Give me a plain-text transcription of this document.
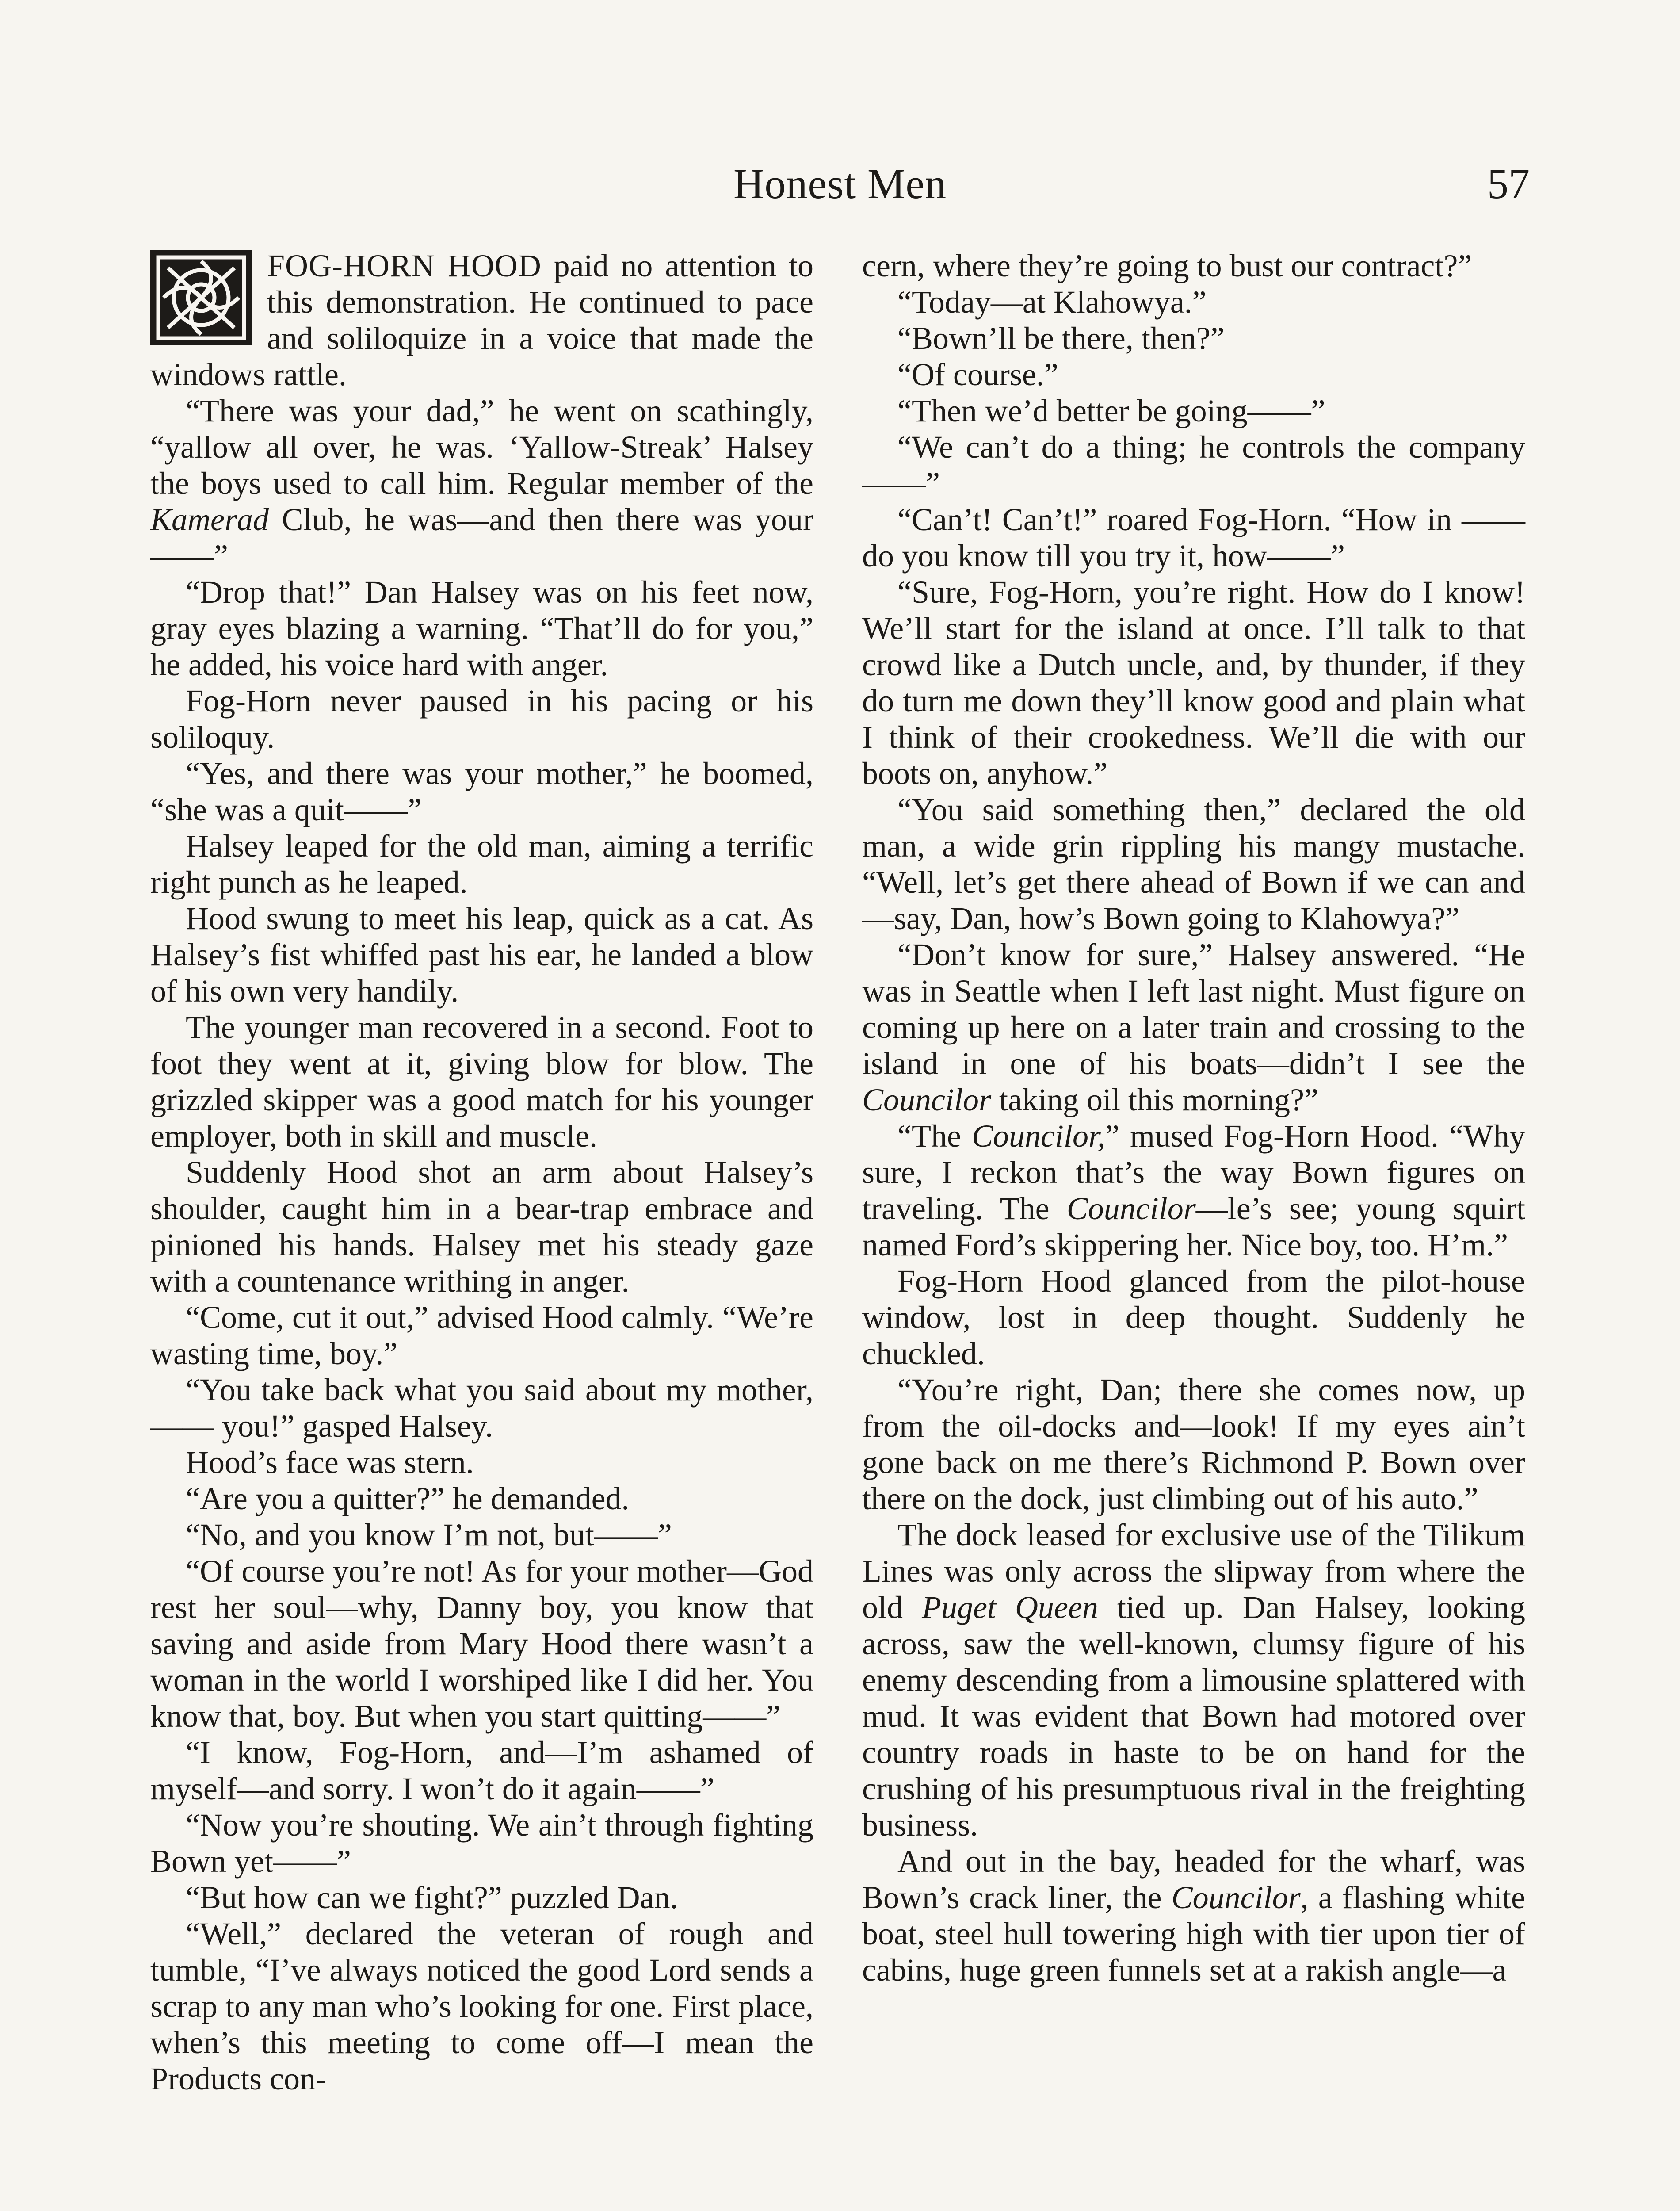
Honest Men	57

FOG-HORN HOOD paid no attention to this demonstration. He continued to pace and soliloquize in a voice that made the windows rattle.

“There was your dad,” he went on scathingly, “yallow all over, he was. ‘Yallow-Streak’ Halsey the boys used to call him. Regular member of the Kamerad Club, he was—and then there was your——”

“Drop that!” Dan Halsey was on his feet now, gray eyes blazing a warning. “That’ll do for you,” he added, his voice hard with anger.

Fog-Horn never paused in his pacing or his soliloquy.

“Yes, and there was your mother,” he boomed, “she was a quit——”

Halsey leaped for the old man, aiming a terrific right punch as he leaped.

Hood swung to meet his leap, quick as a cat. As Halsey’s fist whiffed past his ear, he landed a blow of his own very handily.

The younger man recovered in a second. Foot to foot they went at it, giving blow for blow. The grizzled skipper was a good match for his younger employer, both in skill and muscle.

Suddenly Hood shot an arm about Halsey’s shoulder, caught him in a bear-trap embrace and pinioned his hands. Halsey met his steady gaze with a countenance writhing in anger.

“Come, cut it out,” advised Hood calmly. “We’re wasting time, boy.”

“You take back what you said about my mother, —— you!” gasped Halsey.

Hood’s face was stern.

“Are you a quitter?” he demanded.

“No, and you know I’m not, but——”

“Of course you’re not! As for your mother—God rest her soul—why, Danny boy, you know that saving and aside from Mary Hood there wasn’t a woman in the world I worshiped like I did her. You know that, boy. But when you start quitting——”

“I know, Fog-Horn, and—I’m ashamed of myself—and sorry. I won’t do it again——”

“Now you’re shouting. We ain’t through fighting Bown yet——”

“But how can we fight?” puzzled Dan.

“Well,” declared the veteran of rough and tumble, “I’ve always noticed the good Lord sends a scrap to any man who’s looking for one. First place, when’s this meeting to come off—I mean the Products con-

cern, where they’re going to bust our contract?”

“Today—at Klahowya.”

“Bown’ll be there, then?”

“Of course.”

“Then we’d better be going——”

“We can’t do a thing; he controls the company——”

“Can’t! Can’t!” roared Fog-Horn. “How in —— do you know till you try it, how——”

“Sure, Fog-Horn, you’re right. How do I know! We’ll start for the island at once. I’ll talk to that crowd like a Dutch uncle, and, by thunder, if they do turn me down they’ll know good and plain what I think of their crookedness. We’ll die with our boots on, anyhow.”

“You said something then,” declared the old man, a wide grin rippling his mangy mustache. “Well, let’s get there ahead of Bown if we can and—say, Dan, how’s Bown going to Klahowya?”

“Don’t know for sure,” Halsey answered. “He was in Seattle when I left last night. Must figure on coming up here on a later train and crossing to the island in one of his boats—didn’t I see the Councilor taking oil this morning?”

“The Councilor,” mused Fog-Horn Hood. “Why sure, I reckon that’s the way Bown figures on traveling. The Councilor—le’s see; young squirt named Ford’s skippering her. Nice boy, too. H’m.”

Fog-Horn Hood glanced from the pilot-house window, lost in deep thought. Suddenly he chuckled.

“You’re right, Dan; there she comes now, up from the oil-docks and—look! If my eyes ain’t gone back on me there’s Richmond P. Bown over there on the dock, just climbing out of his auto.”

The dock leased for exclusive use of the Tilikum Lines was only across the slipway from where the old Puget Queen tied up. Dan Halsey, looking across, saw the well-known, clumsy figure of his enemy descending from a limousine splattered with mud. It was evident that Bown had motored over country roads in haste to be on hand for the crushing of his presumptuous rival in the freighting business.

And out in the bay, headed for the wharf, was Bown’s crack liner, the Councilor, a flashing white boat, steel hull towering high with tier upon tier of cabins, huge green funnels set at a rakish angle—a
